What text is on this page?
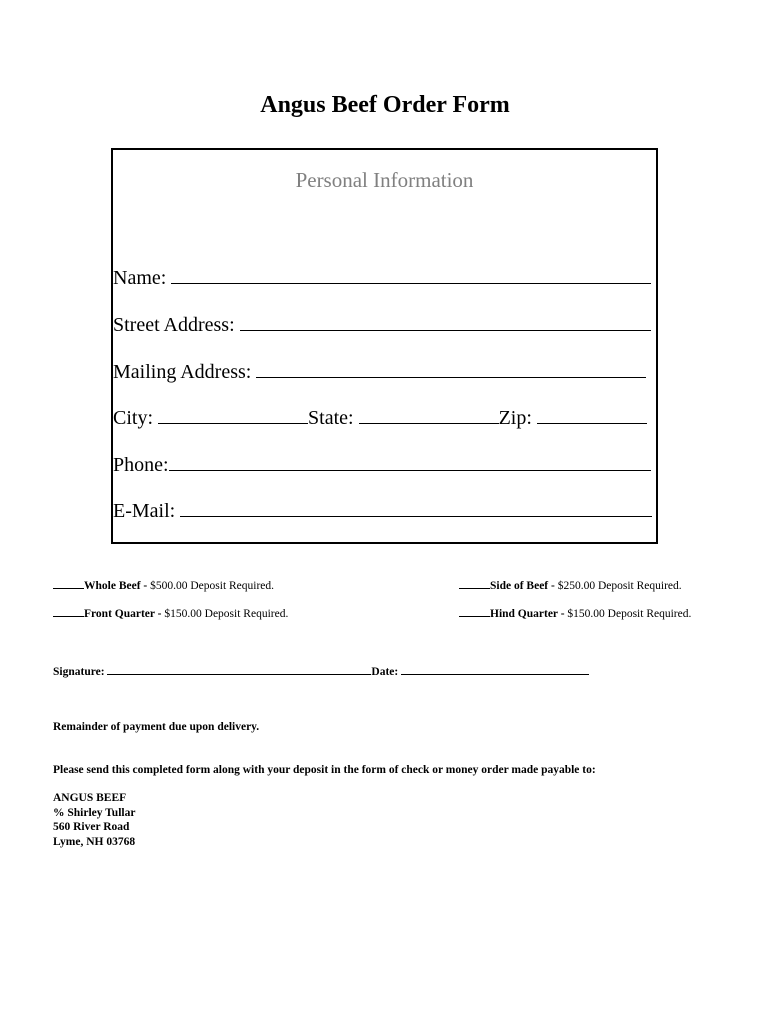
Angus Beef Order Form
Personal Information
Name:
Street Address:
Mailing Address:
City:	State:	Zip:
Phone:
E-Mail:
Whole Beef - $500.00 Deposit Required.	Side of Beef - $250.00 Deposit Required.
Front Quarter - $150.00 Deposit Required.	Hind Quarter - $150.00 Deposit Required.
Signature:	Date:
Remainder of payment due upon delivery.
Please send this completed form along with your deposit in the form of check or money order made payable to:
ANGUS BEEF
% Shirley Tullar
560 River Road
Lyme, NH 03768
